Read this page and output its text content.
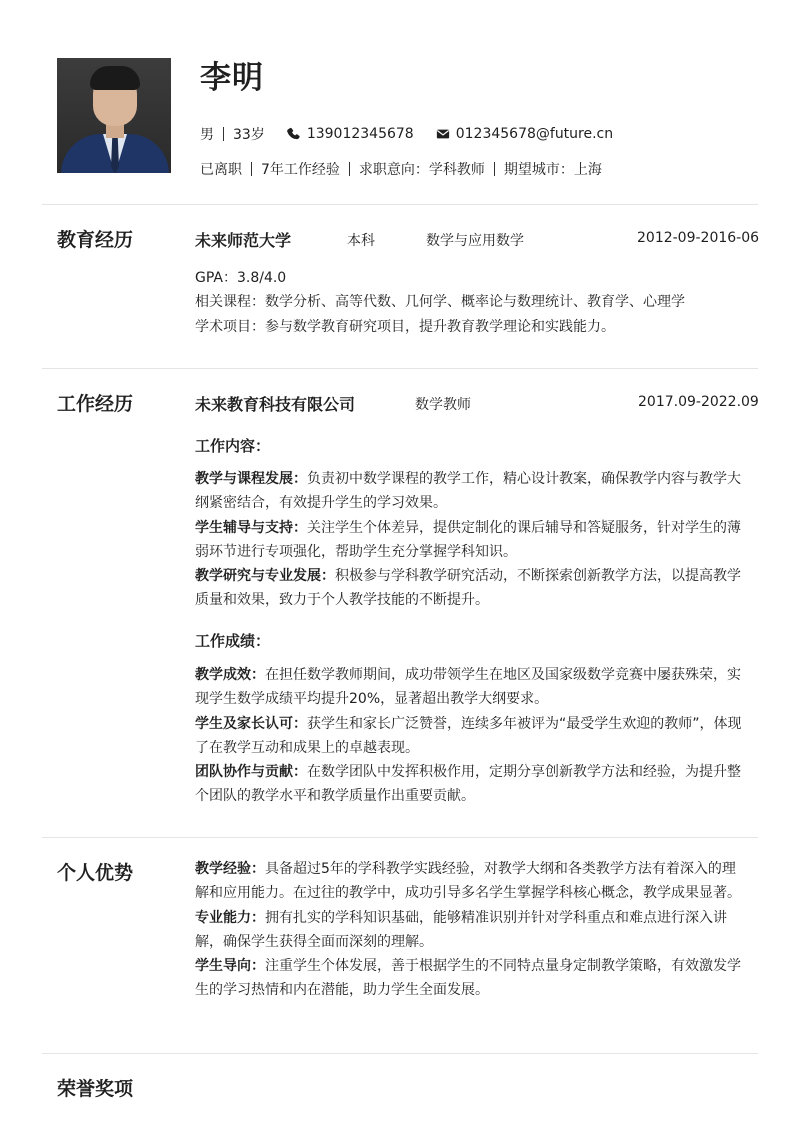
李明
男 33岁	13901234567​8	012345678@future.cn
已离职 7年工作经验 求职意向：学科教师 期望城市：上海
教育经历	未来师范大学	本科	数学与应用数学	2012-09-2016-06

GPA：3.8/4.0

相关课程：数学分析、高等代数、几何学、概率论与数理统计、教育学、心理学

学术项目：参与数学教育研究项目，提升教育教学理论和实践能力。

工作经历	未来教育科技有限公司	数学教师	2017.09-2022.09
工作内容：

教学与课程发展：负责初中数学课程的教学工作，精心设计教案，确保教学内容与教学大纲紧密结合，有效提升学生的学习效果。

学生辅导与支持：关注学生个体差异，提供定制化的课后辅导和答疑服务，针对学生的薄弱环节进行专项强化，帮助学生充分掌握学科知识。

教学研究与专业发展：积极参与学科教学研究活动，不断探索创新教学方法，以提高教学质量和效果，致力于个人教学技能的不断提升。

工作成绩：

教学成效：在担任数学教师期间，成功带领学生在地区及国家级数学竞赛中屡获殊荣，实现学生数学成绩平均提升20%，显著超出教学大纲要求。

学生及家长认可：获学生和家长广泛赞誉，连续多年被评为“最受学生欢迎的教师”，体现了在教学互动和成果上的卓越表现。

团队协作与贡献：在数学团队中发挥积极作用，定期分享创新教学方法和经验，为提升整个团队的教学水平和教学质量作出重要贡献。

个人优势	教学经验：具备超过5年的学科教学实践经验，对教学大纲和各类教学方法有着深入的理解和应用能力。在过往的教学中，成功引导多名学生掌握学科核心概念，教学成果显著。

专业能力：拥有扎实的学科知识基础，能够精准识别并针对学科重点和难点进行深入讲解，确保学生获得全面而深刻的理解。

学生导向：注重学生个体发展，善于根据学生的不同特点量身定制教学策略，有效激发学生的学习热情和内在潜能，助力学生全面发展。

荣誉奖项
